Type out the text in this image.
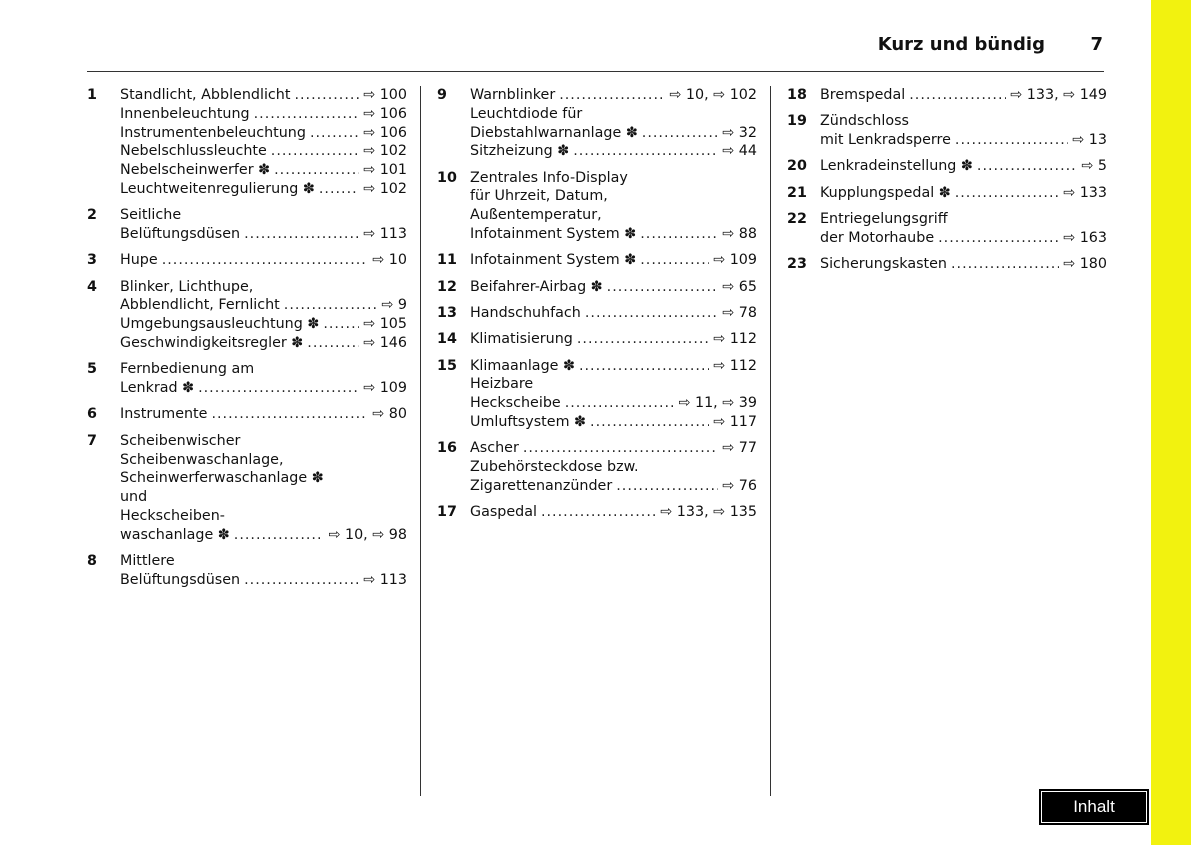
Kurz und bündig	7
1 Standlicht, Abblendlicht .....	⇨ 100
Innenbeleuchtung .....	⇨ 106
Instrumentenbeleuchtung .....	⇨ 106
Nebelschlussleuchte .....	⇨ 102
Nebelscheinwerfer ✽ .....	⇨ 101
Leuchtweitenregulierung ✽ .....	⇨ 102
2 Seitliche
Belüftungsdüsen .....	⇨ 113
3 Hupe .....	⇨ 10
4 Blinker, Lichthupe,
Abblendlicht, Fernlicht .....	⇨ 9
Umgebungsausleuchtung ✽ .....	⇨ 105
Geschwindigkeitsregler ✽ .....	⇨ 146
5 Fernbedienung am
Lenkrad ✽ .....	⇨ 109
6 Instrumente .....	⇨ 80
7 Scheibenwischer
Scheibenwaschanlage,
Scheinwerferwaschanlage ✽
und
Heckscheiben-
waschanlage ✽ .....	⇨ 10, ⇨ 98
8 Mittlere
Belüftungsdüsen .....	⇨ 113
9 Warnblinker .....	⇨ 10, ⇨ 102
Leuchtdiode für
Diebstahlwarnanlage ✽ .....	⇨ 32
Sitzheizung ✽ .....	⇨ 44
10 Zentrales Info-Display
für Uhrzeit, Datum,
Außentemperatur,
Infotainment System ✽ .....	⇨ 88
11 Infotainment System ✽ .....	⇨ 109
12 Beifahrer-Airbag ✽ .....	⇨ 65
13 Handschuhfach .....	⇨ 78
14 Klimatisierung .....	⇨ 112
15 Klimaanlage ✽ .....	⇨ 112
Heizbare
Heckscheibe .....	⇨ 11, ⇨ 39
Umluftsystem ✽ .....	⇨ 117
16 Ascher .....	⇨ 77
Zubehörsteckdose bzw.
Zigarettenanzünder .....	⇨ 76
17 Gaspedal .....	⇨ 133, ⇨ 135
18 Bremspedal .....	⇨ 133, ⇨ 149
19 Zündschloss
mit Lenkradsperre .....	⇨ 13
20 Lenkradeinstellung ✽ .....	⇨ 5
21 Kupplungspedal ✽ .....	⇨ 133
22 Entriegelungsgriff
der Motorhaube .....	⇨ 163
23 Sicherungskasten .....	⇨ 180
Inhalt
